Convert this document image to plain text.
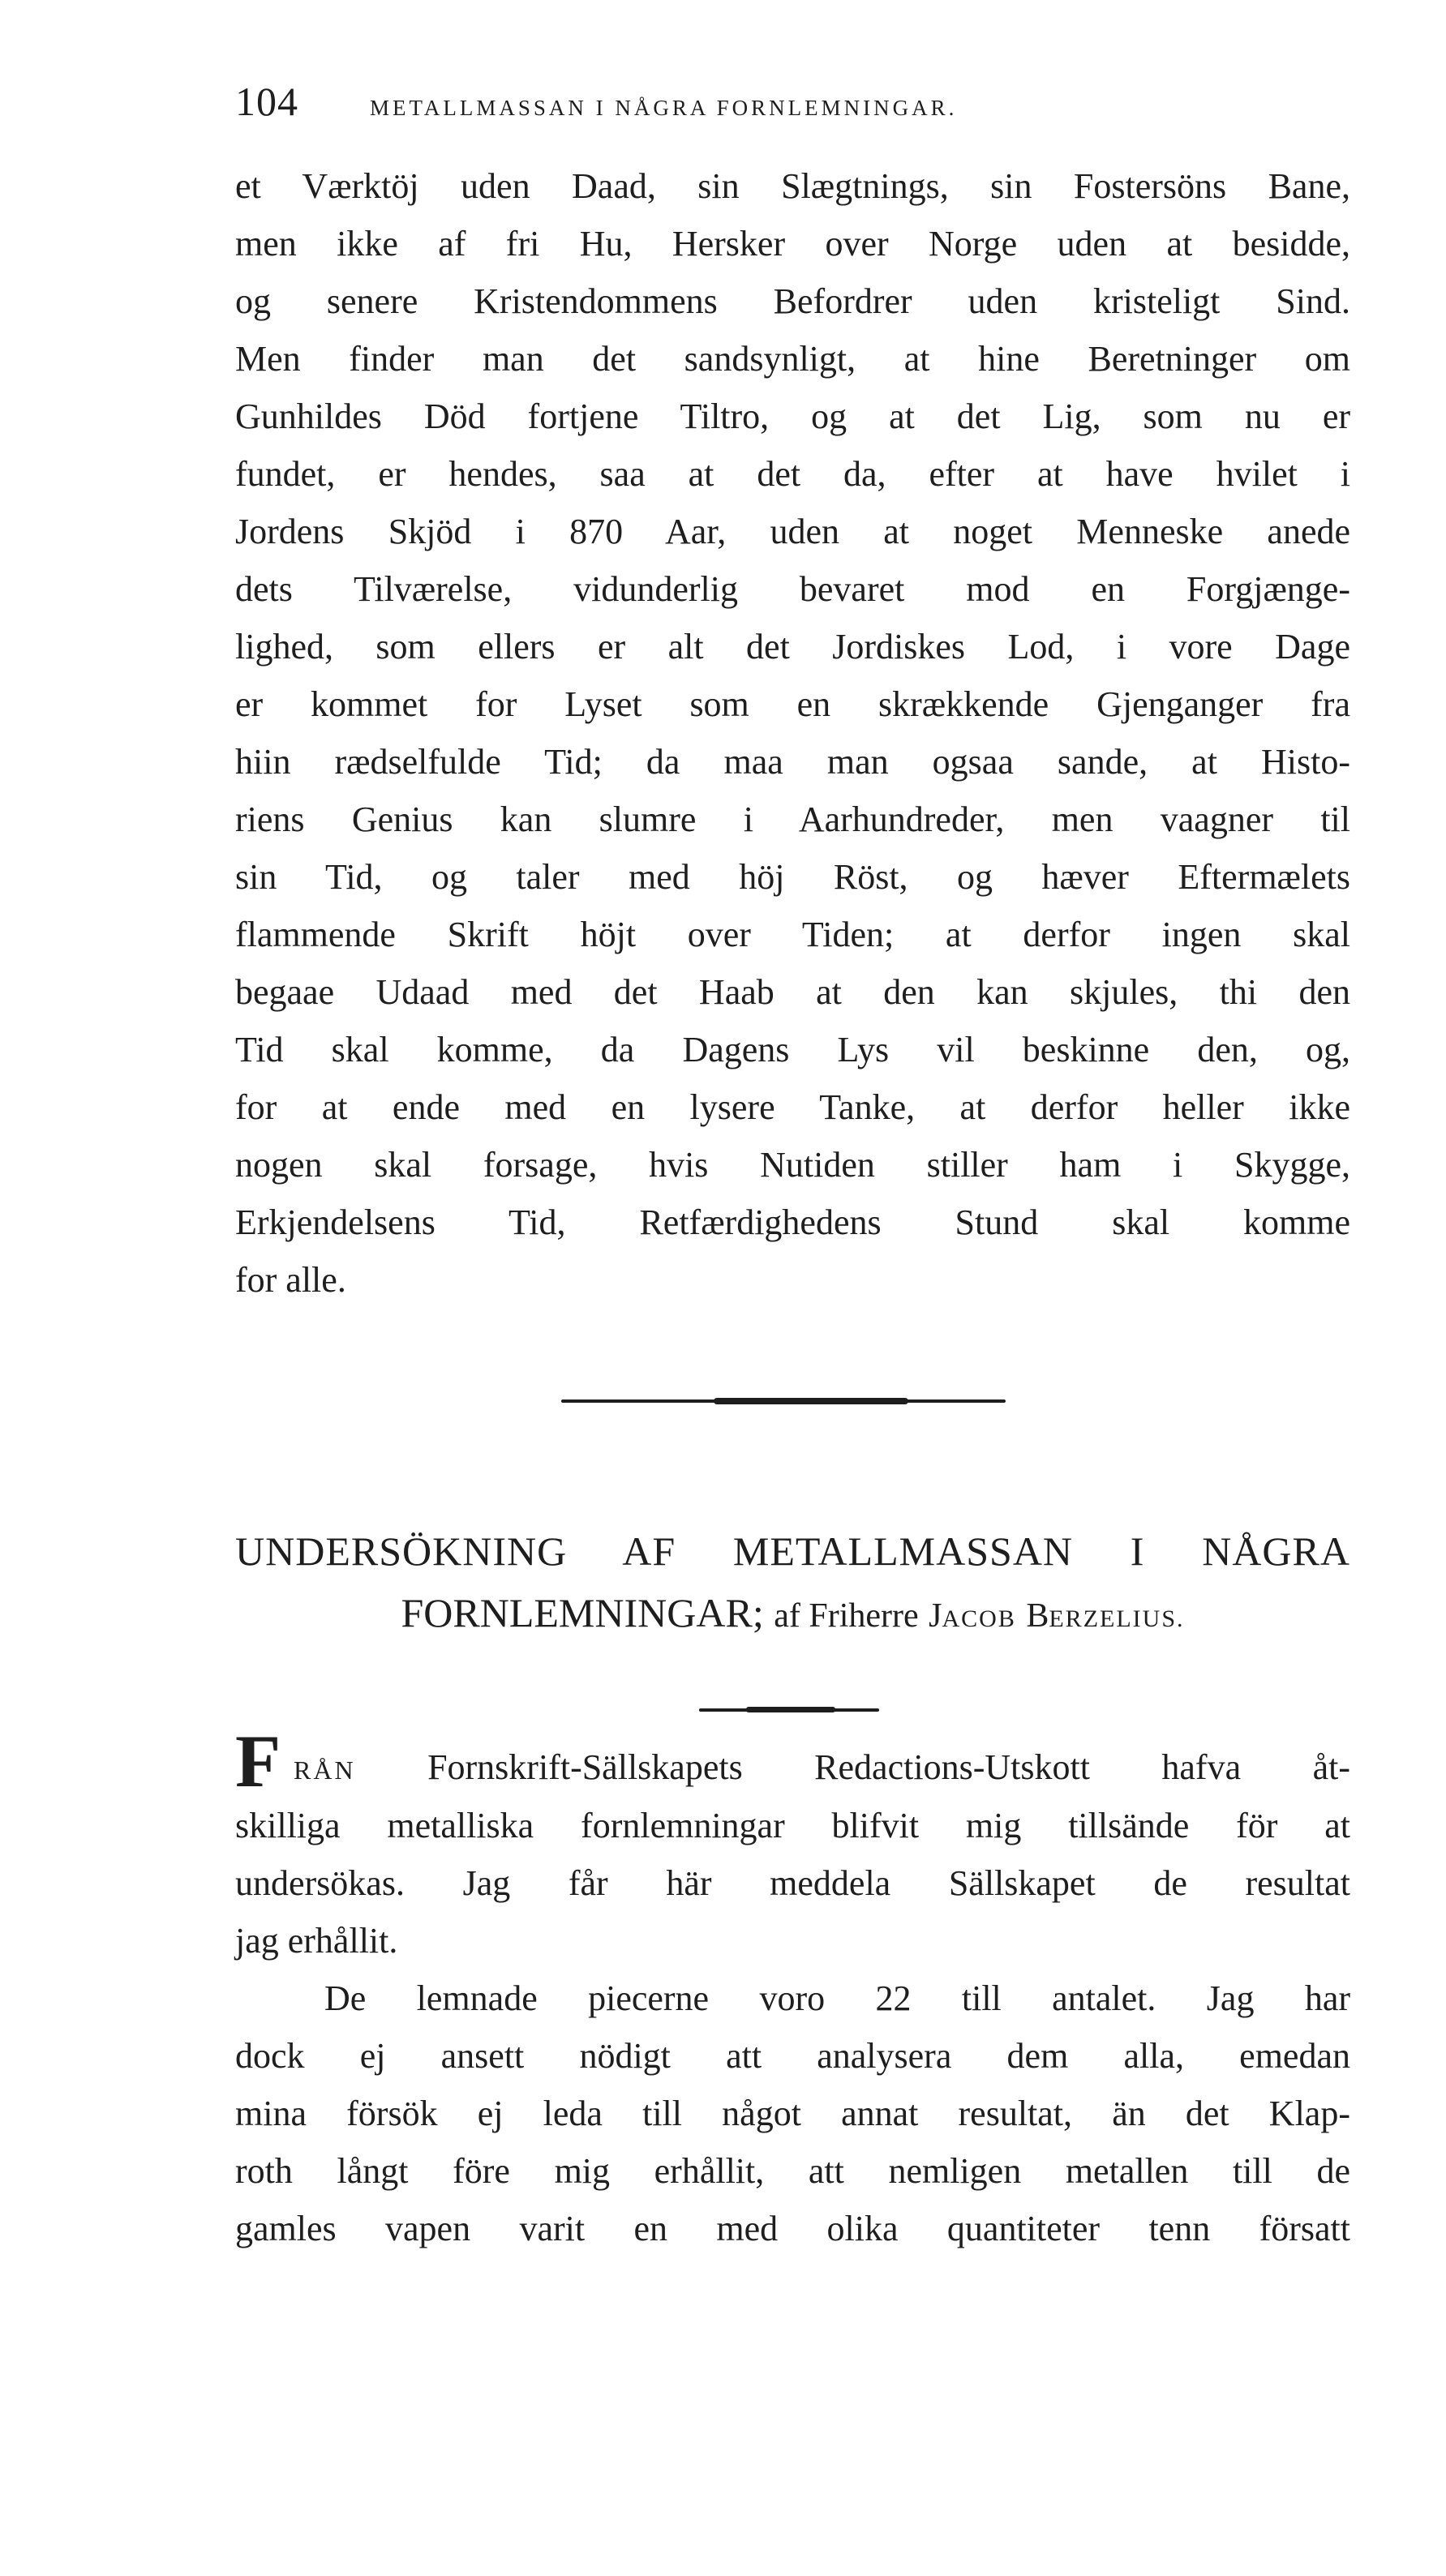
104	METALLMASSAN I NÅGRA FORNLEMNINGAR.
et Værktöj uden Daad, sin Slægtnings, sin Fostersöns Bane,
men ikke af fri Hu, Hersker over Norge uden at besidde,
og senere Kristendommens Befordrer uden kristeligt Sind.
Men finder man det sandsynligt, at hine Beretninger om
Gunhildes Död fortjene Tiltro, og at det Lig, som nu er
fundet, er hendes, saa at det da, efter at have hvilet i
Jordens Skjöd i 870 Aar, uden at noget Menneske anede
dets Tilværelse, vidunderlig bevaret mod en Forgjænge-
lighed, som ellers er alt det Jordiskes Lod, i vore Dage
er kommet for Lyset som en skrækkende Gjenganger fra
hiin rædselfulde Tid; da maa man ogsaa sande, at Histo-
riens Genius kan slumre i Aarhundreder, men vaagner til
sin Tid, og taler med höj Röst, og hæver Eftermælets
flammende Skrift höjt over Tiden; at derfor ingen skal
begaae Udaad med det Haab at den kan skjules, thi den
Tid skal komme, da Dagens Lys vil beskinne den, og,
for at ende med en lysere Tanke, at derfor heller ikke
nogen skal forsage, hvis Nutiden stiller ham i Skygge,
Erkjendelsens Tid, Retfærdighedens Stund skal komme
for alle.
UNDERSÖKNING AF METALLMASSAN I NÅGRA
FORNLEMNINGAR; af Friherre JACOB BERZELIUS.
F RÅN Fornskrift-Sällskapets Redactions-Utskott hafva åt-
skilliga metalliska fornlemningar blifvit mig tillsände för at
undersökas. Jag får här meddela Sällskapet de resultat
jag erhållit.
De lemnade piecerne voro 22 till antalet. Jag har
dock ej ansett nödigt att analysera dem alla, emedan
mina försök ej leda till något annat resultat, än det Klap-
roth långt före mig erhållit, att nemligen metallen till de
gamles vapen varit en med olika quantiteter tenn försatt
